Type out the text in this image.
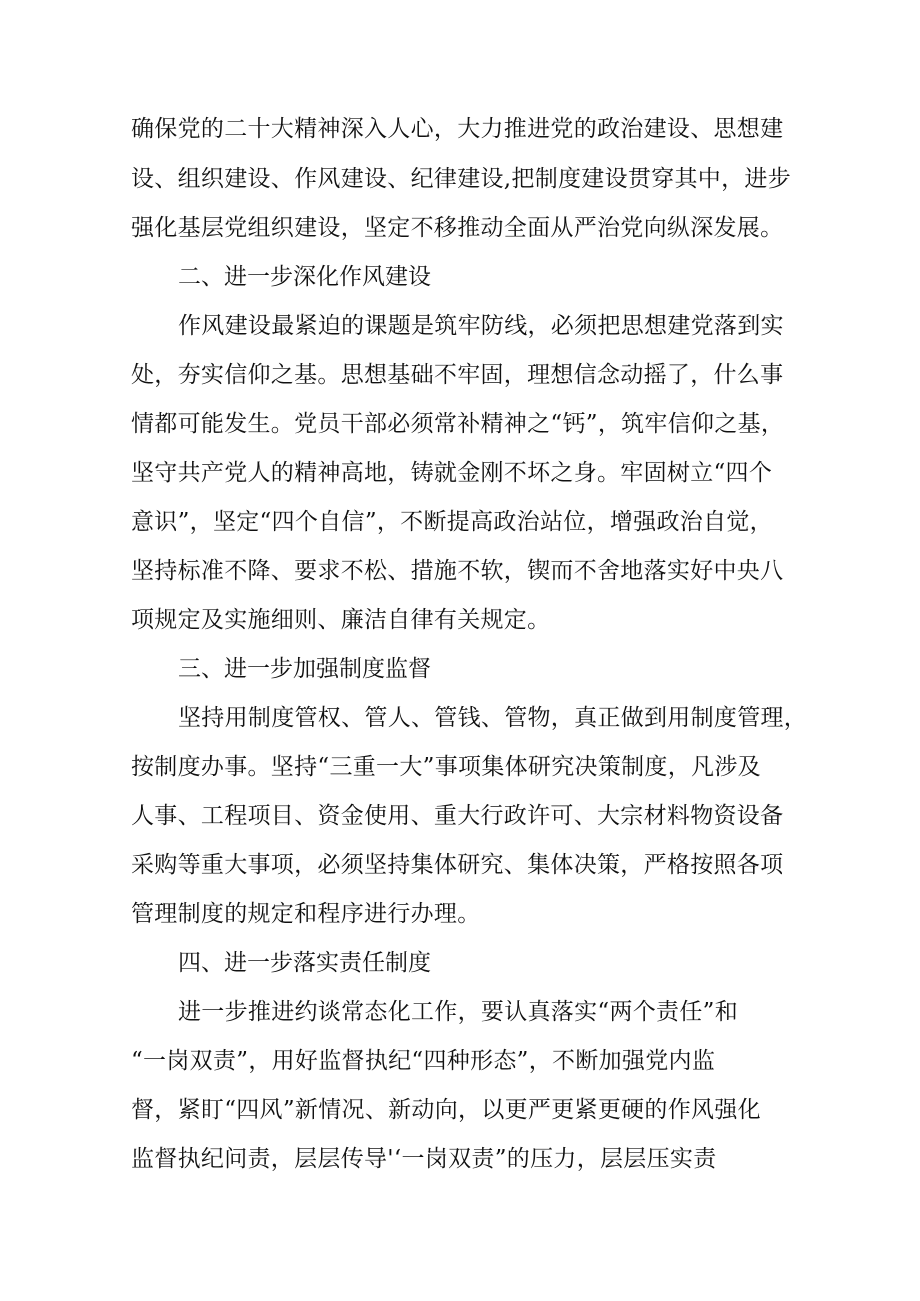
确保党的二十大精神深入人心，大力推进党的政治建设、思想建
设、组织建设、作风建设、纪律建设,把制度建设贯穿其中，进步
强化基层党组织建设，坚定不移推动全面从严治党向纵深发展。
二、进一步深化作风建设
作风建设最紧迫的课题是筑牢防线，必须把思想建党落到实
处，夯实信仰之基。思想基础不牢固，理想信念动摇了，什么事
情都可能发生。党员干部必须常补精神之“钙”，筑牢信仰之基，
坚守共产党人的精神高地，铸就金刚不坏之身。牢固树立“四个
意识”，坚定“四个自信”，不断提高政治站位，增强政治自觉，
坚持标准不降、要求不松、措施不软，锲而不舍地落实好中央八
项规定及实施细则、廉洁自律有关规定。
三、进一步加强制度监督
坚持用制度管权、管人、管钱、管物，真正做到用制度管理，
按制度办事。坚持“三重一大”事项集体研究决策制度，凡涉及
人事、工程项目、资金使用、重大行政许可、大宗材料物资设备
采购等重大事项，必须坚持集体研究、集体决策，严格按照各项
管理制度的规定和程序进行办理。
四、进一步落实责任制度
进一步推进约谈常态化工作，要认真落实“两个责任”和
“一岗双责”，用好监督执纪“四种形态”，不断加强党内监
督，紧盯“四风”新情况、新动向，以更严更紧更硬的作风强化
监督执纪问责，层层传导'‘一岗双责”的压力，层层压实责
